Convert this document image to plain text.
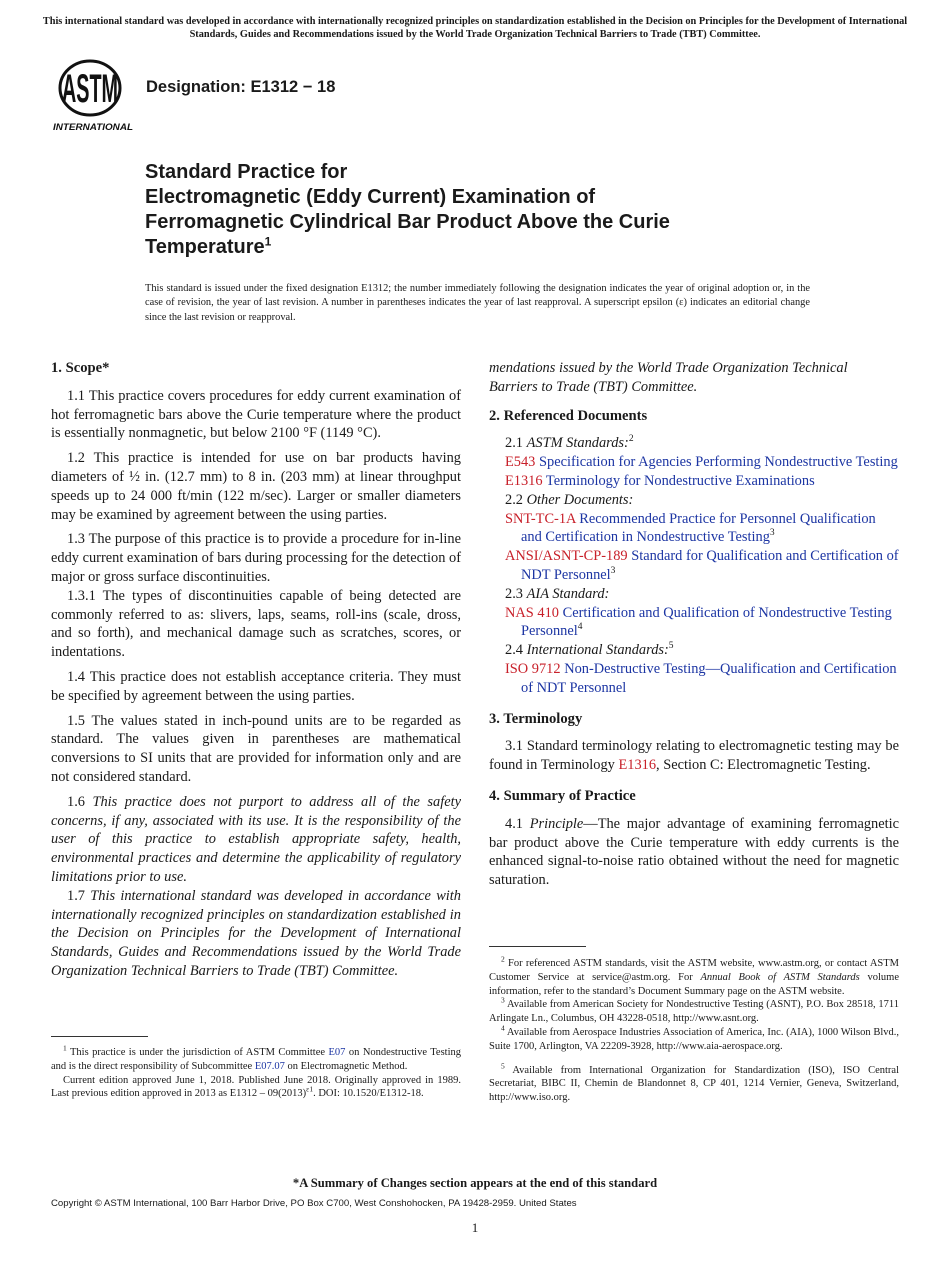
This international standard was developed in accordance with internationally recognized principles on standardization established in the Decision on Principles for the Development of International Standards, Guides and Recommendations issued by the World Trade Organization Technical Barriers to Trade (TBT) Committee.
ASTM
INTERNATIONAL
Designation: E1312 − 18
Standard Practice for
Electromagnetic (Eddy Current) Examination of
Ferromagnetic Cylindrical Bar Product Above the Curie
Temperature$^1$
This standard is issued under the fixed designation E1312; the number immediately following the designation indicates the year of original adoption or, in the case of revision, the year of last revision. A number in parentheses indicates the year of last reapproval. A superscript epsilon (ε) indicates an editorial change since the last revision or reapproval.

1. Scope*

1.1 This practice covers procedures for eddy current examination of hot ferromagnetic bars above the Curie temperature where the product is essentially nonmagnetic, but below 2100 °F (1149 °C).

1.2 This practice is intended for use on bar products having diameters of ½ in. (12.7 mm) to 8 in. (203 mm) at linear throughput speeds up to 24 000 ft/min (122 m/sec). Larger or smaller diameters may be examined by agreement between the using parties.

1.3 The purpose of this practice is to provide a procedure for in-line eddy current examination of bars during processing for the detection of major or gross surface discontinuities.

1.3.1 The types of discontinuities capable of being detected are commonly referred to as: slivers, laps, seams, roll-ins (scale, dross, and so forth), and mechanical damage such as scratches, scores, or indentations.

1.4 This practice does not establish acceptance criteria. They must be specified by agreement between the using parties.

1.5 The values stated in inch-pound units are to be regarded as standard. The values given in parentheses are mathematical conversions to SI units that are provided for information only and are not considered standard.

1.6 This practice does not purport to address all of the safety concerns, if any, associated with its use. It is the responsibility of the user of this practice to establish appropriate safety, health, environmental practices and determine the applicability of regulatory limitations prior to use.

1.7 This international standard was developed in accordance with internationally recognized principles on standardization established in the Decision on Principles for the Development of International Standards, Guides and Recommendations issued by the World Trade Organization Technical Barriers to Trade (TBT) Committee.

$^1$ This practice is under the jurisdiction of ASTM Committee E07 on Nondestructive Testing and is the direct responsibility of Subcommittee E07.07 on Electromagnetic Method.

Current edition approved June 1, 2018. Published June 2018. Originally approved in 1989. Last previous edition approved in 2013 as $E1312 - 09(2013)^{\varepsilon 1}$. DOI: 10.1520/E1312-18.

mendations issued by the World Trade Organization Technical Barriers to Trade (TBT) Committee.

2. Referenced Documents

2.1 ASTM Standards:$^2$

E543 Specification for Agencies Performing Nondestructive Testing

E1316 Terminology for Nondestructive Examinations

2.2 Other Documents:

SNT-TC-1A Recommended Practice for Personnel Qualification and Certification in Nondestructive Testing$^3$

ANSI/ASNT-CP-189 Standard for Qualification and Certification of NDT Personnel$^3$

2.3 AIA Standard:

NAS 410 Certification and Qualification of Nondestructive Testing Personnel$^4$

2.4 International Standards:$^5$

ISO 9712 Non-Destructive Testing—Qualification and Certification of NDT Personnel

3. Terminology

3.1 Standard terminology relating to electromagnetic testing may be found in Terminology E1316, Section C: Electromagnetic Testing.

4. Summary of Practice

4.1 Principle—The major advantage of examining ferromagnetic bar product above the Curie temperature with eddy currents is the enhanced signal-to-noise ratio obtained without the need for magnetic saturation.

$^2$ For referenced ASTM standards, visit the ASTM website, www.astm.org, or contact ASTM Customer Service at service@astm.org. For Annual Book of ASTM Standards volume information, refer to the standard’s Document Summary page on the ASTM website.

$^3$ Available from American Society for Nondestructive Testing (ASNT), P.O. Box 28518, 1711 Arlingate Ln., Columbus, OH 43228-0518, http://www.asnt.org.

$^4$ Available from Aerospace Industries Association of America, Inc. (AIA), 1000 Wilson Blvd., Suite 1700, Arlington, VA 22209-3928, http://www.aia-aerospace.org.

$^5$ Available from International Organization for Standardization (ISO), ISO Central Secretariat, BIBC II, Chemin de Blandonnet 8, CP 401, 1214 Vernier, Geneva, Switzerland, http://www.iso.org.

*A Summary of Changes section appears at the end of this standard
Copyright © ASTM International, 100 Barr Harbor Drive, PO Box C700, West Conshohocken, PA 19428-2959. United States
1
